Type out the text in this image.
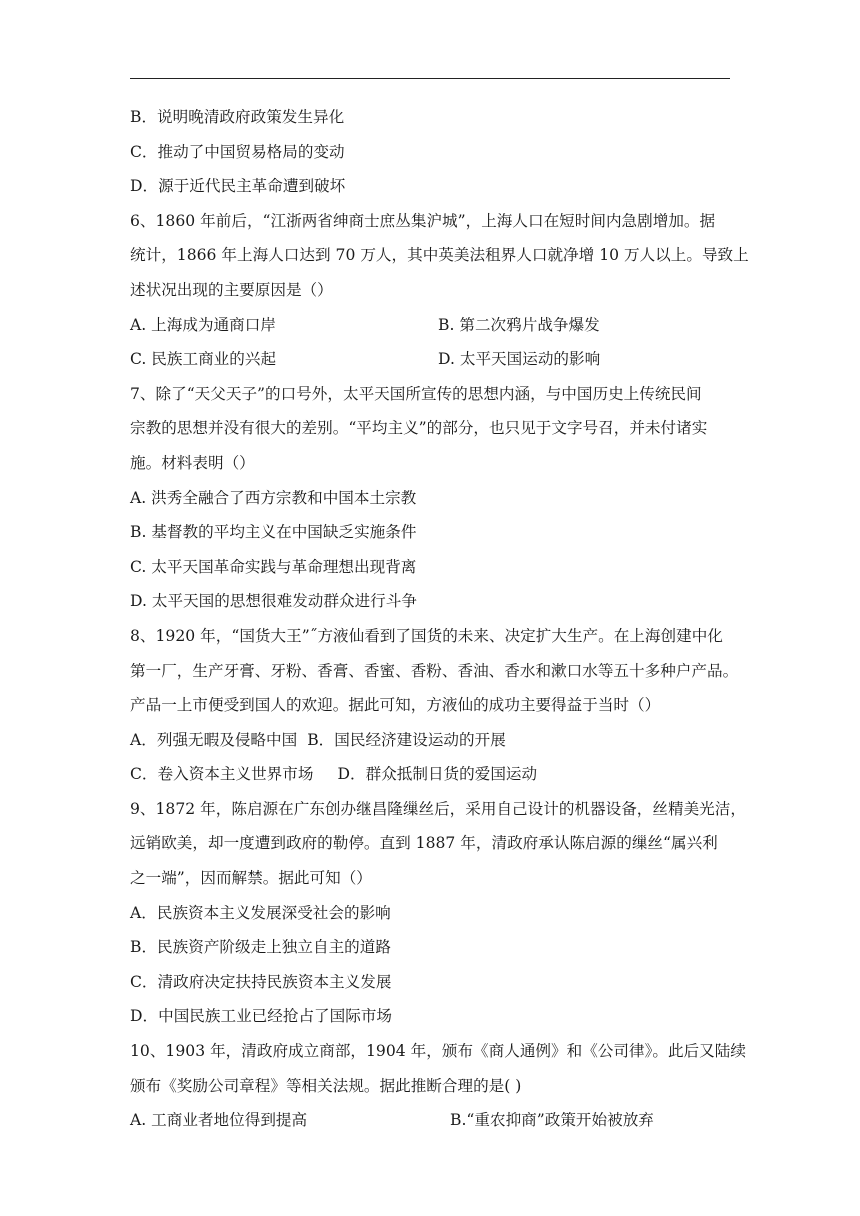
B．说明晚清政府政策发生异化
C．推动了中国贸易格局的变动
D．源于近代民主革命遭到破坏
6、1860 年前后，“江浙两省绅商士庶丛集沪城”，上海人口在短时间内急剧增加。据
统计，1866 年上海人口达到 70 万人，其中英美法租界人口就净增 10 万人以上。导致上
述状况出现的主要原因是（）
A. 上海成为通商口岸	B. 第二次鸦片战争爆发
C. 民族工商业的兴起	D. 太平天国运动的影响
7、除了“天父天子”的口号外，太平天国所宣传的思想内涵，与中国历史上传统民间
宗教的思想并没有很大的差别。“平均主义”的部分，也只见于文字号召，并未付诸实
施。材料表明（）
A. 洪秀全融合了西方宗教和中国本土宗教
B. 基督教的平均主义在中国缺乏实施条件
C. 太平天国革命实践与革命理想出现背离
D. 太平天国的思想很难发动群众进行斗争
8、1920 年，“国货大王”˝方液仙看到了国货的未来、决定扩大生产。在上海创建中化
第一厂，生产牙膏、牙粉、香膏、香蜜、香粉、香油、香水和漱口水等五十多种户产品。
产品一上市便受到国人的欢迎。据此可知，方液仙的成功主要得益于当时（）
A．列强无暇及侵略中国 B．国民经济建设运动的开展
C．卷入资本主义世界市场 D．群众抵制日货的爱国运动
9、1872 年，陈启源在广东创办继昌隆缫丝后，采用自己设计的机器设备，丝精美光洁，
远销欧美，却一度遭到政府的勒停。直到 1887 年，清政府承认陈启源的缫丝“属兴利
之一端”，因而解禁。据此可知（）
A．民族资本主义发展深受社会的影响
B．民族资产阶级走上独立自主的道路
C．清政府决定扶持民族资本主义发展
D．中国民族工业已经抢占了国际市场
10、1903 年，清政府成立商部，1904 年，颁布《商人通例》和《公司律》。此后又陆续
颁布《奖励公司章程》等相关法规。据此推断合理的是( )
A. 工商业者地位得到提高	B.“重农抑商”政策开始被放弃
